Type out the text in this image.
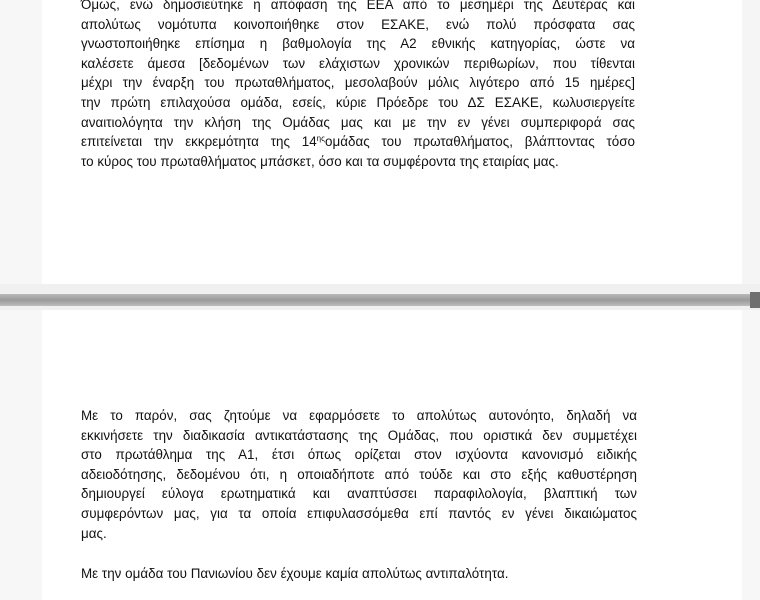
Όμως, ενώ δημοσιεύτηκε η απόφαση της ΕΕΑ από το μεσημέρι της Δευτέρας και
απολύτως νομότυπα κοινοποιήθηκε στον ΕΣΑΚΕ, ενώ πολύ πρόσφατα σας
γνωστοποιήθηκε επίσημα η βαθμολογία της Α2 εθνικής κατηγορίας, ώστε να
καλέσετε άμεσα [δεδομένων των ελάχιστων χρονικών περιθωρίων, που τίθενται
μέχρι την έναρξη του πρωταθλήματος, μεσολαβούν μόλις λιγότερο από 15 ημέρες]
την πρώτη επιλαχούσα ομάδα, εσείς, κύριε Πρόεδρε του ΔΣ ΕΣΑΚΕ, κωλυσιεργείτε
αναιτιολόγητα την κλήση της Ομάδας μας και με την εν γένει συμπεριφορά σας
επιτείνεται την εκκρεμότητα της $14^{\eta\varsigma}o\mu ά\delta\alpha\varsigma$ του πρωταθλήματος, βλάπτοντας τόσο
το κύρος του πρωταθλήματος μπάσκετ, όσο και τα συμφέροντα της εταιρίας μας.

Με το παρόν, σας ζητούμε να εφαρμόσετε το απολύτως αυτονόητο, δηλαδή να
εκκινήσετε την διαδικασία αντικατάστασης της Ομάδας, που οριστικά δεν συμμετέχει
στο πρωτάθλημα της Α1, έτσι όπως ορίζεται στον ισχύοντα κανονισμό ειδικής
αδειοδότησης, δεδομένου ότι, η οποιαδήποτε από τούδε και στο εξής καθυστέρηση
δημιουργεί εύλογα ερωτηματικά και αναπτύσσει παραφιλολογία, βλαπτική των
συμφερόντων μας, για τα οποία επιφυλασσόμεθα επί παντός εν γένει δικαιώματος
μας.

Με την ομάδα του Πανιωνίου δεν έχουμε καμία απολύτως αντιπαλότητα.
